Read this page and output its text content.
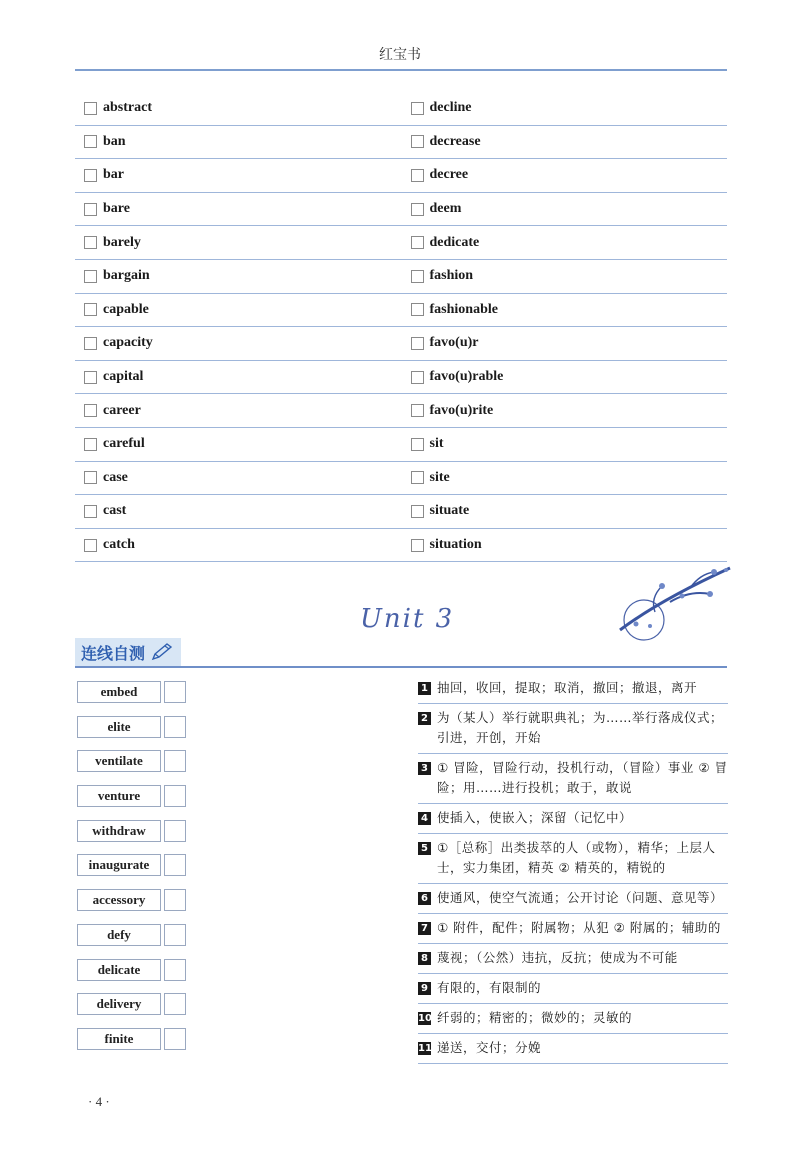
红宝书
abstract	decline
ban	decrease
bar	decree
bare	deem
barely	dedicate
bargain	fashion
capable	fashionable
capacity	favo(u)r
capital	favo(u)rable
career	favo(u)rite
careful	sit
case	site
cast	situate
catch	situation
Unit 3
连线自测
embed
elite
ventilate
venture
withdraw
inaugurate
accessory
defy
delicate
delivery
finite
1 抽回，收回，提取；取消，撤回；撤退，离开
2 为（某人）举行就职典礼；为……举行落成仪式；引进，开创，开始
3 ① 冒险，冒险行动，投机行动，（冒险）事业 ② 冒险；用……进行投机；敢于，敢说
4 使插入，使嵌入；深留（记忆中）
5 ①［总称］出类拔萃的人（或物），精华；上层人士，实力集团，精英 ② 精英的，精锐的
6 使通风，使空气流通；公开讨论（问题、意见等）
7 ① 附件，配件；附属物；从犯 ② 附属的；辅助的
8 蔑视；（公然）违抗，反抗；使成为不可能
9 有限的，有限制的
10 纤弱的；精密的；微妙的；灵敏的
11 递送，交付；分娩
· 4 ·
